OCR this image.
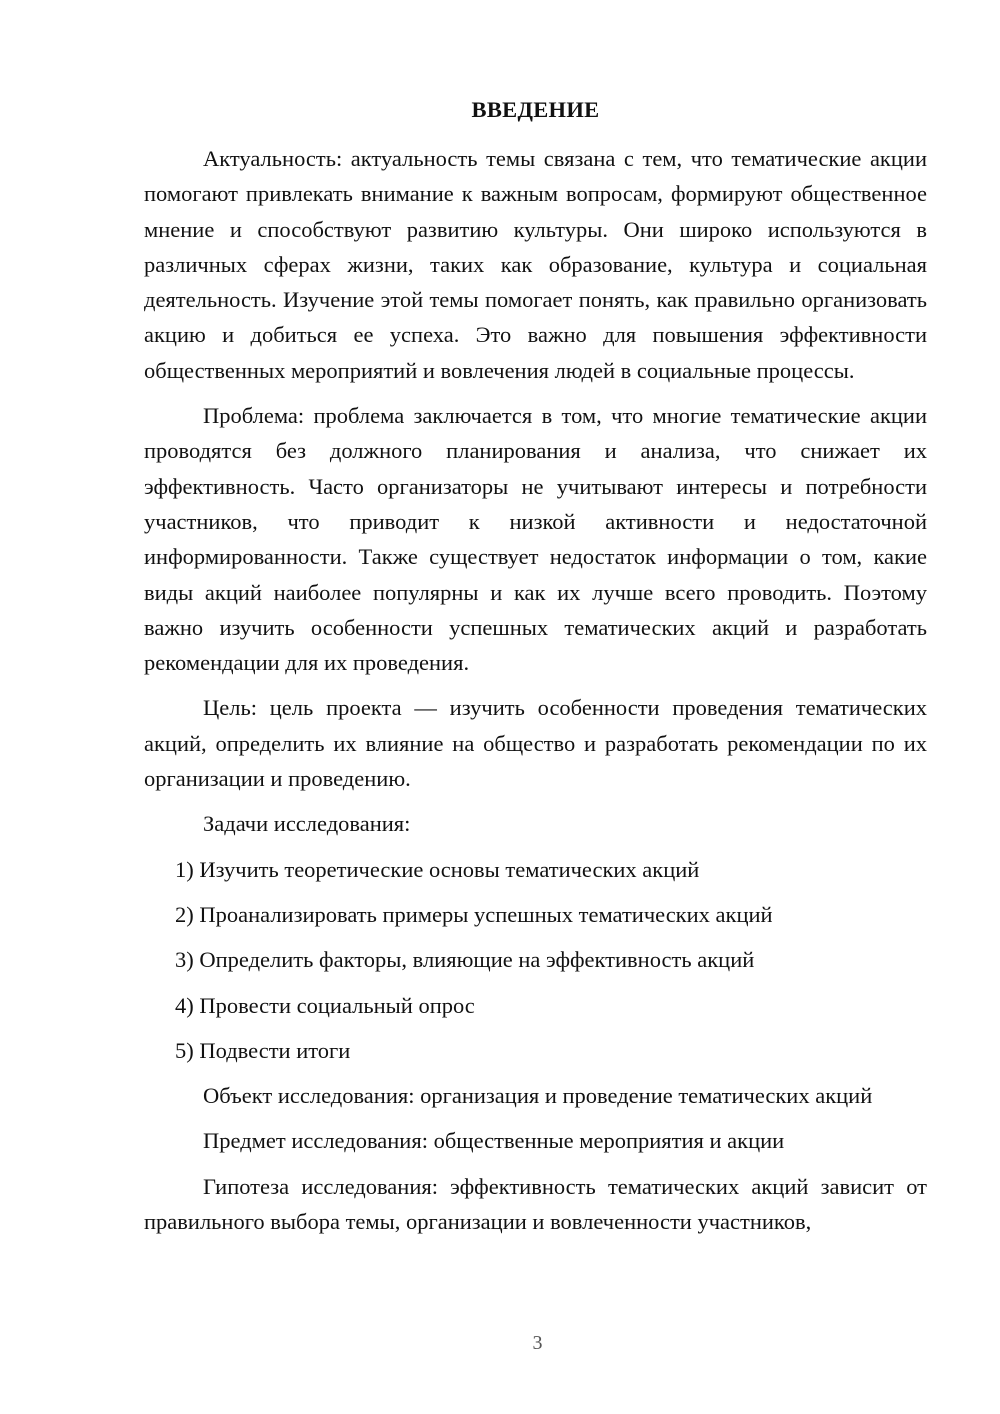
ВВЕДЕНИЕ

Актуальность: актуальность темы связана с тем, что тематические акции помогают привлекать внимание к важным вопросам, формируют общественное мнение и способствуют развитию культуры. Они широко используются в различных сферах жизни, таких как образование, культура и социальная деятельность. Изучение этой темы помогает понять, как правильно организовать акцию и добиться ее успеха. Это важно для повышения эффективности общественных мероприятий и вовлечения людей в социальные процессы.

Проблема: проблема заключается в том, что многие тематические акции проводятся без должного планирования и анализа, что снижает их эффективность. Часто организаторы не учитывают интересы и потребности участников, что приводит к низкой активности и недостаточной информированности. Также существует недостаток информации о том, какие виды акций наиболее популярны и как их лучше всего проводить. Поэтому важно изучить особенности успешных тематических акций и разработать рекомендации для их проведения.

Цель: цель проекта — изучить особенности проведения тематических акций, определить их влияние на общество и разработать рекомендации по их организации и проведению.

Задачи исследования:

1) Изучить теоретические основы тематических акций
2) Проанализировать примеры успешных тематических акций
3) Определить факторы, влияющие на эффективность акций
4) Провести социальный опрос
5) Подвести итоги

Объект исследования: организация и проведение тематических акций

Предмет исследования: общественные мероприятия и акции

Гипотеза исследования: эффективность тематических акций зависит от правильного выбора темы, организации и вовлеченности участников,

3
